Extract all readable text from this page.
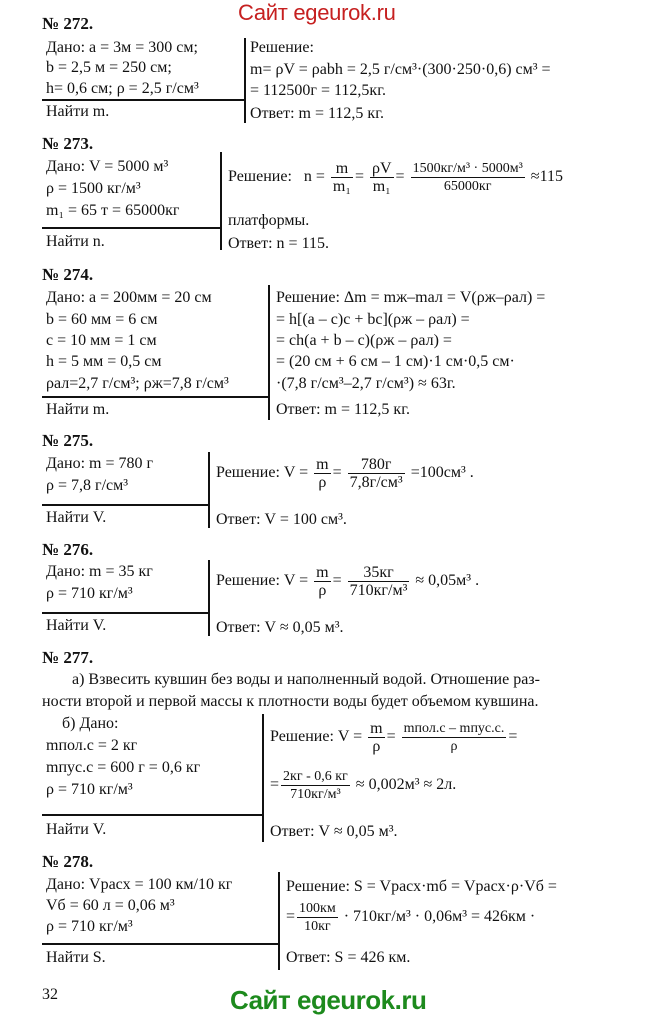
Сайт egeurok.ru
№ 272.
Дано: a = 3м = 300 см;
b = 2,5 м = 250 см;
h= 0,6 см; ρ = 2,5 г/см³
Найти m.
Решение:
m= ρV = ρabh = 2,5 г/см³·(300·250·0,6) см³ =
= 112500г = 112,5кг.
Ответ: m = 112,5 кг.
№ 273.
Дано: V = 5000 м³
ρ = 1500 кг/м³
m₁ = 65 т = 65000кг
Найти n.
Решение: $n = \frac{m}{\text{m₁}} = \frac{\rho V}{\text{m₁}} = \frac{\text{1500кг/м³ · 5000м³}}{65000кг} \approx 115$
платформы.
Ответ: n = 115.
№ 274.
Дано: a = 200мм = 20 см
b = 60 мм = 6 см
c = 10 мм = 1 см
h = 5 мм = 0,5 см
ρал=2,7 г/см³; ρж=7,8 г/см³
Найти m.
Решение: Δm = mж–mал = V(ρж–ρал) =
= h[(a – c)c + bc](ρж – ρал) =
= ch(a + b – c)(ρж – ρал) =
= (20 см + 6 см – 1 см)·1 см·0,5 см·
·(7,8 г/см³–2,7 г/см³) ≈ 63г.
Ответ: m = 112,5 кг.
№ 275.
Дано: m = 780 г
ρ = 7,8 г/см³
Найти V.
Решение: $V = \frac{m}{\rho} = \frac{780г}{\text{7,8г/см³}} =100см^3$ .
Ответ: V = 100 см³.
№ 276.
Дано: m = 35 кг
ρ = 710 кг/м³
Найти V.
Решение: $V = \frac{m}{\rho} = \frac{35кг}{\text{710кг/м³}} \approx 0,05м^3$ .
Ответ: V ≈ 0,05 м³.
№ 277.
а) Взвесить кувшин без воды и наполненный водой. Отношение раз-
ности второй и первой массы к плотности воды будет объемом кувшина.
б) Дано:
mпол.с = 2 кг
mпус.с = 600 г = 0,6 кг
ρ = 710 кг/м³
Найти V.
Решение: $V = \frac{m}{\rho} = \frac{\text{mпол.с – mпус.с.}}{\rho}$ =
= $\frac{2кг - 0,6 кг}{\text{710кг/м³}} \approx 0,002м^3 \approx 2л$.
Ответ: V ≈ 0,05 м³.
№ 278.
Дано: Vрасх = 100 км/10 кг
Vб = 60 л = 0,06 м³
ρ = 710 кг/м³
Найти S.
Решение: S = Vрасх·mб = Vрасх·ρ·Vб =
= $\frac{100км}{10кг} \cdot 710кг/м^3 \cdot 0,06м^3 = 426км$ ·
Ответ: S = 426 км.
32	Сайт egeurok.ru
